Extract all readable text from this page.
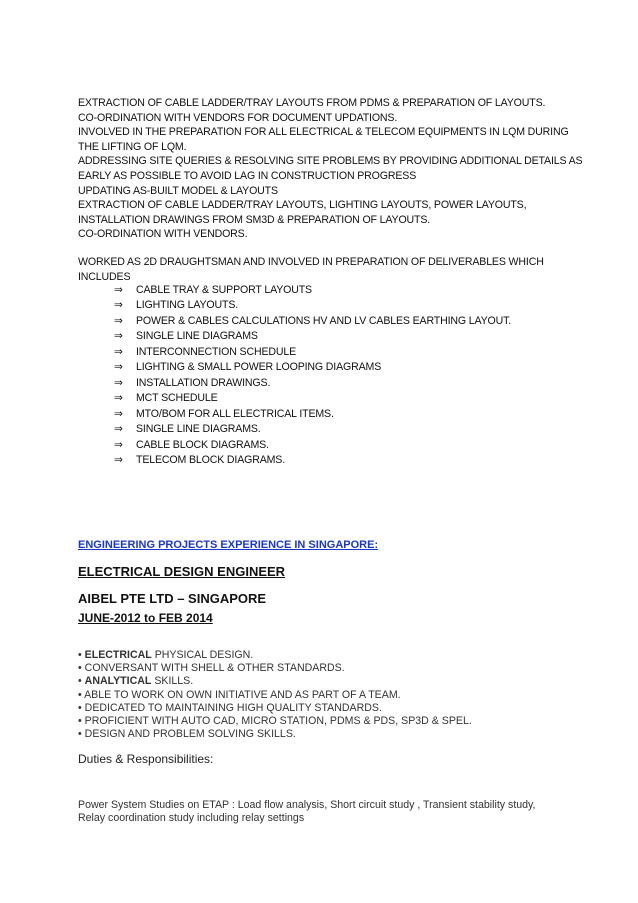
EXTRACTION OF CABLE LADDER/TRAY LAYOUTS FROM PDMS & PREPARATION OF LAYOUTS.
CO-ORDINATION WITH VENDORS FOR DOCUMENT UPDATIONS.
INVOLVED IN THE PREPARATION FOR ALL ELECTRICAL & TELECOM EQUIPMENTS IN LQM DURING
THE LIFTING OF LQM.
ADDRESSING SITE QUERIES & RESOLVING SITE PROBLEMS BY PROVIDING ADDITIONAL DETAILS AS
EARLY AS POSSIBLE TO AVOID LAG IN CONSTRUCTION PROGRESS
UPDATING AS-BUILT MODEL & LAYOUTS
EXTRACTION OF CABLE LADDER/TRAY LAYOUTS, LIGHTING LAYOUTS, POWER LAYOUTS,
INSTALLATION DRAWINGS FROM SM3D & PREPARATION OF LAYOUTS.
CO-ORDINATION WITH VENDORS.
WORKED AS 2D DRAUGHTSMAN AND INVOLVED IN PREPARATION OF DELIVERABLES WHICH
INCLUDES
⇒	CABLE TRAY & SUPPORT LAYOUTS
⇒	LIGHTING LAYOUTS.
⇒	POWER & CABLES CALCULATIONS HV AND LV CABLES EARTHING LAYOUT.
⇒	SINGLE LINE DIAGRAMS
⇒	INTERCONNECTION SCHEDULE
⇒	LIGHTING & SMALL POWER LOOPING DIAGRAMS
⇒	INSTALLATION DRAWINGS.
⇒	MCT SCHEDULE
⇒	MTO/BOM FOR ALL ELECTRICAL ITEMS.
⇒	SINGLE LINE DIAGRAMS.
⇒	CABLE BLOCK DIAGRAMS.
⇒	TELECOM BLOCK DIAGRAMS.
ENGINEERING PROJECTS EXPERIENCE IN SINGAPORE:
ELECTRICAL DESIGN ENGINEER
AIBEL PTE LTD – SINGAPORE
JUNE-2012 to FEB 2014
• ELECTRICAL PHYSICAL DESIGN.
• CONVERSANT WITH SHELL & OTHER STANDARDS.
• ANALYTICAL SKILLS.
• ABLE TO WORK ON OWN INITIATIVE AND AS PART OF A TEAM.
• DEDICATED TO MAINTAINING HIGH QUALITY STANDARDS.
• PROFICIENT WITH AUTO CAD, MICRO STATION, PDMS & PDS, SP3D & SPEL.
• DESIGN AND PROBLEM SOLVING SKILLS.
Duties & Responsibilities:
Power System Studies on ETAP : Load flow analysis, Short circuit study , Transient stability study,
Relay coordination study including relay settings
